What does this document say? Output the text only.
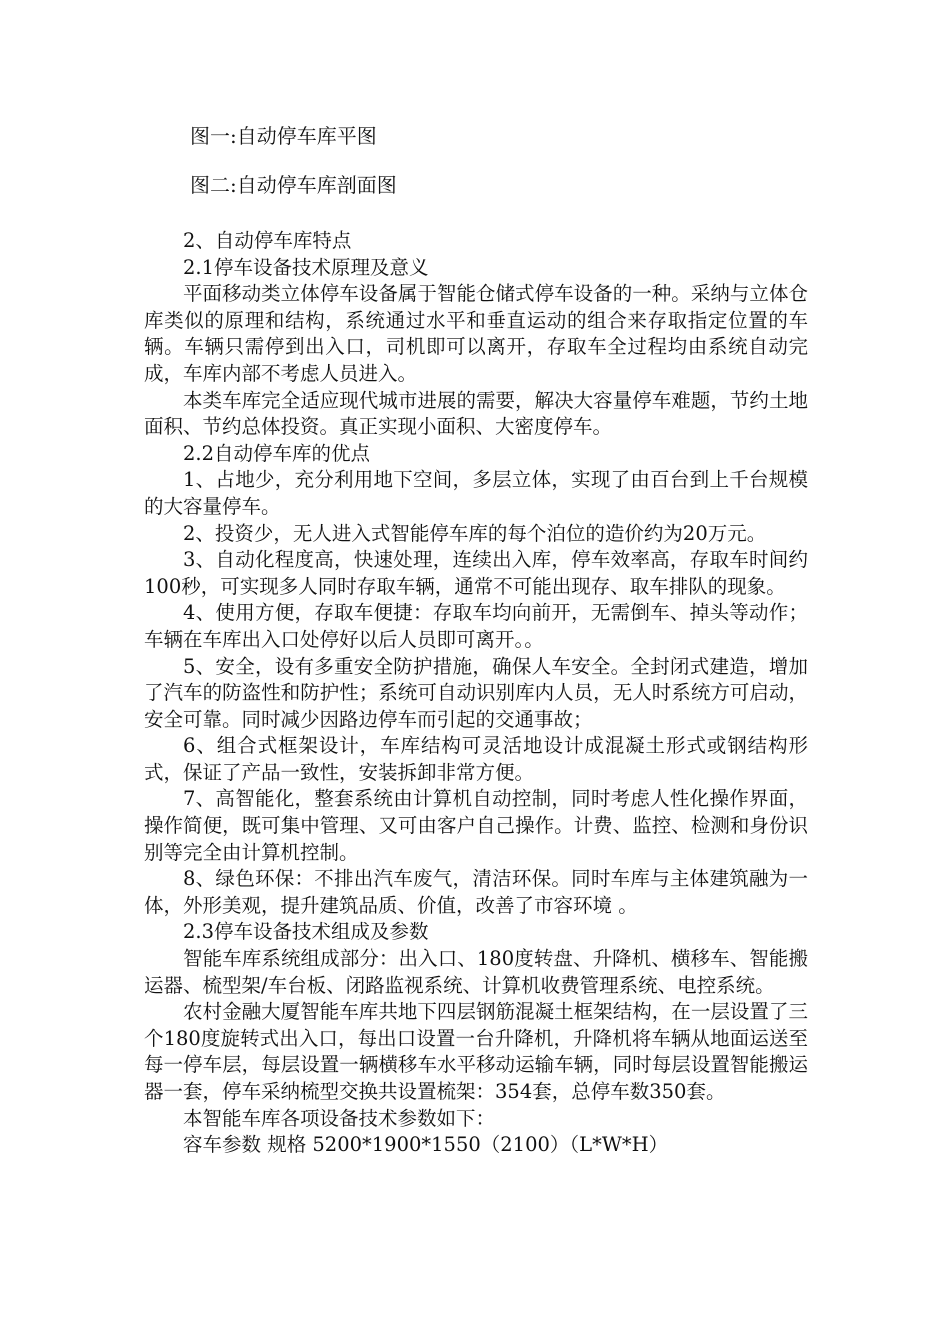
图一:自动停车库平图

图二:自动停车库剖面图

2、自动停车库特点

2.1停车设备技术原理及意义

平面移动类立体停车设备属于智能仓储式停车设备的一种。采纳与立体仓库类似的原理和结构，系统通过水平和垂直运动的组合来存取指定位置的车辆。车辆只需停到出入口，司机即可以离开，存取车全过程均由系统自动完成，车库内部不考虑人员进入。

本类车库完全适应现代城市进展的需要，解决大容量停车难题，节约土地面积、节约总体投资。真正实现小面积、大密度停车。

2.2自动停车库的优点

1、占地少，充分利用地下空间，多层立体，实现了由百台到上千台规模的大容量停车。

2、投资少，无人进入式智能停车库的每个泊位的造价约为20万元。

3、自动化程度高，快速处理，连续出入库，停车效率高，存取车时间约100秒，可实现多人同时存取车辆，通常不可能出现存、取车排队的现象。

4、使用方便，存取车便捷：存取车均向前开，无需倒车、掉头等动作；车辆在车库出入口处停好以后人员即可离开。。

5、安全，设有多重安全防护措施，确保人车安全。全封闭式建造，增加了汽车的防盗性和防护性；系统可自动识别库内人员，无人时系统方可启动，安全可靠。同时减少因路边停车而引起的交通事故；

6、组合式框架设计，车库结构可灵活地设计成混凝土形式或钢结构形式，保证了产品一致性，安装拆卸非常方便。

7、高智能化，整套系统由计算机自动控制，同时考虑人性化操作界面，操作简便，既可集中管理、又可由客户自己操作。计费、监控、检测和身份识别等完全由计算机控制。

8、绿色环保：不排出汽车废气，清洁环保。同时车库与主体建筑融为一体，外形美观，提升建筑品质、价值，改善了市容环境 。

2.3停车设备技术组成及参数

智能车库系统组成部分：出入口、180度转盘、升降机、横移车、智能搬运器、梳型架/车台板、闭路监视系统、计算机收费管理系统、电控系统。

农村金融大厦智能车库共地下四层钢筋混凝土框架结构，在一层设置了三个180度旋转式出入口，每出口设置一台升降机，升降机将车辆从地面运送至每一停车层，每层设置一辆横移车水平移动运输车辆，同时每层设置智能搬运器一套，停车采纳梳型交换共设置梳架：354套，总停车数350套。

本智能车库各项设备技术参数如下：

容车参数 规格 5200*1900*1550（2100）（L*W*H）
